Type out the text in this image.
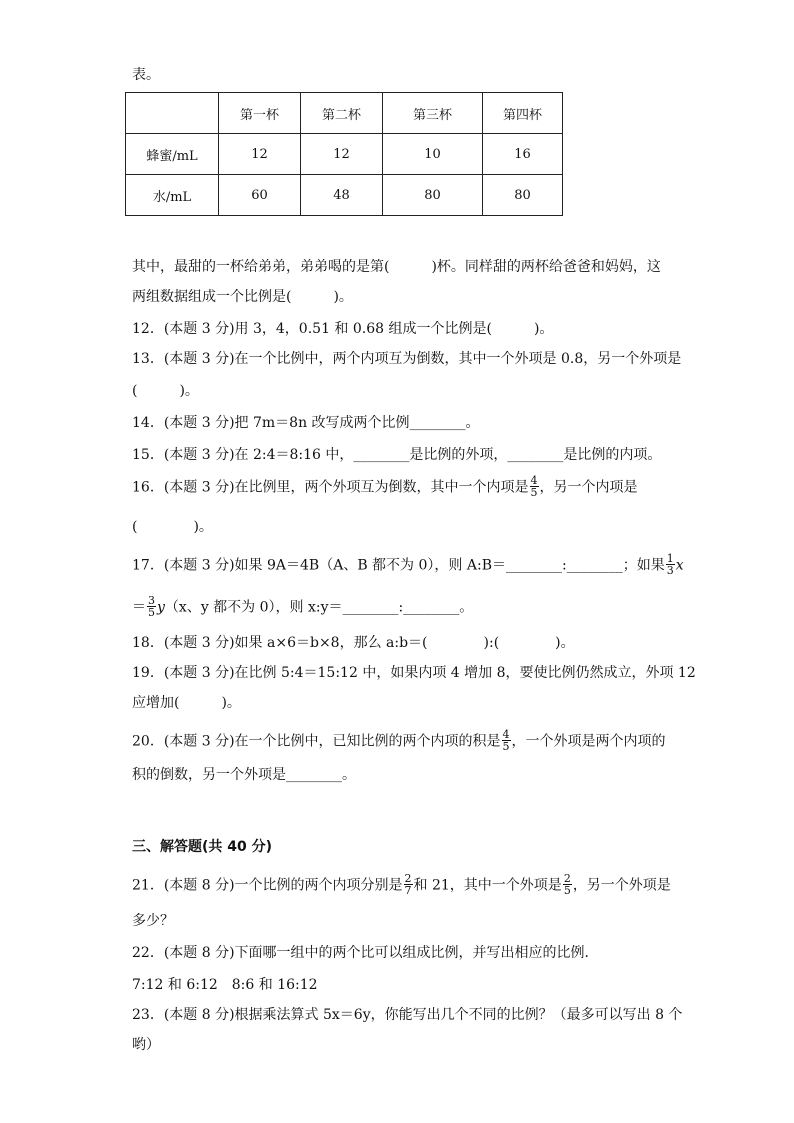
表。
	第一杯	第二杯	第三杯	第四杯
蜂蜜/mL	12	12	10	16
水/mL	60	48	80	80
其中，最甜的一杯给弟弟，弟弟喝的是第(　　　)杯。同样甜的两杯给爸爸和妈妈，这
两组数据组成一个比例是(　　　)。
12．(本题 3 分)用 3，4，0.51 和 0.68 组成一个比例是(　　　)。
13．(本题 3 分)在一个比例中，两个内项互为倒数，其中一个外项是 0.8，另一个外项是
(　　　)。
14．(本题 3 分)把 7m＝8n 改写成两个比例________。
15．(本题 3 分)在 2:4＝8:16 中，________是比例的外项，________是比例的内项。
16．(本题 3 分)在比例里，两个外项互为倒数，其中一个内项是 $\frac{4}{5}$ ，另一个内项是
(　　　　)。
17．(本题 3 分)如果 9A＝4B（A、B 都不为 0），则 A:B＝________:________；如果 $\frac{1}{3}$ x
＝ $\frac{3}{5} y(x$、y 都不为 0），则 x:y＝________:________。
18．(本题 3 分)如果 a×6＝b×8，那么 a:b＝(　　　　):(　　　　)。
19．(本题 3 分)在比例 5:4＝15:12 中，如果内项 4 增加 8，要使比例仍然成立，外项 12
应增加(　　　)。
20．(本题 3 分)在一个比例中，已知比例的两个内项的积是 $\frac{4}{5}$ ，一个外项是两个内项的
积的倒数，另一个外项是________。
三、解答题(共 40 分)
21．(本题 8 分)一个比例的两个内项分别是 $\frac{2}{7}$ 和 21，其中一个外项是 $\frac{2}{5}$ ，另一个外项是
多少？
22．(本题 8 分)下面哪一组中的两个比可以组成比例，并写出相应的比例．
7:12 和 6:12　8:6 和 16:12
23．(本题 8 分)根据乘法算式 5x＝6y，你能写出几个不同的比例？（最多可以写出 8 个
哟）
